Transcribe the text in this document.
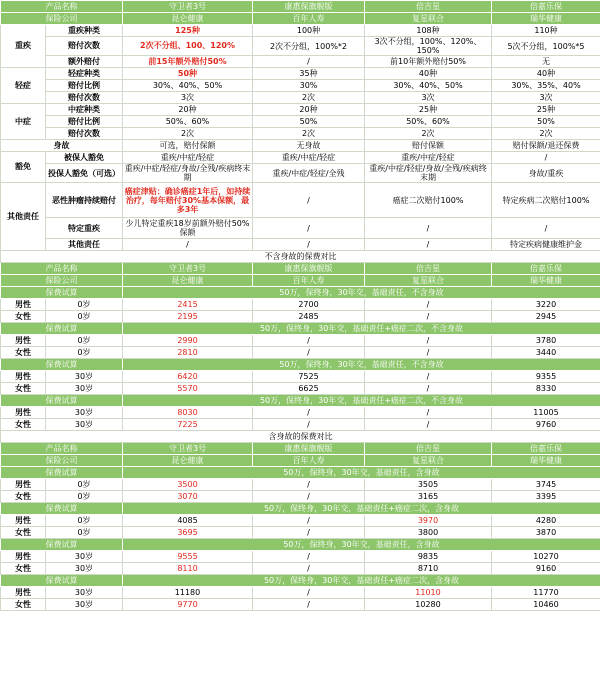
产品名称		守卫者3号	康惠保旗舰版	倍吉星	倍嘉乐保
保险公司		昆仑健康	百年人寿	复星联合	瑞华健康
重疾	重疾种类	125种	100种	108种	110种
	赔付次数	2次不分组、100、120%	2次不分组，100%*2	3次不分组，100%、120%、150%	5次不分组，100%*5
	额外赔付	前15年额外赔付50%	/	前10年额外赔付50%	无
轻症	轻症种类	50种	35种	40种	40种
	赔付比例	30%、40%、50%	30%	30%、40%、50%	30%、35%、40%
	赔付次数	3次	2次	3次	3次
中症	中症种类	20种	20种	25种	25种
	赔付比例	50%、60%	50%	50%、60%	50%
	赔付次数	2次	2次	2次	2次
身故		可选，赔付保额	无身故	赔付保额	赔付保额/退还保费
豁免	被保人豁免	重疾/中症/轻症	重疾/中症/轻症	重疾/中症/轻症	/
	投保人豁免（可选）	重疾/中症/轻症/身故/全残/疾病终末期	重疾/中症/轻症/全残	重疾/中症/轻症/身故/全残/疾病终末期	身故/重疾
其他责任	恶性肿瘤持续赔付	癌症津贴：确诊癌症1年后，如持续治疗，每年赔付30%基本保额，最多3年	/	癌症二次赔付100%	特定疾病二次赔付100%
	特定重疾	少儿特定重疾18岁前额外赔付50%保额	/	/	/
	其他责任	/	/	/	特定疾病健康维护金
不含身故的保费对比					
产品名称		守卫者3号	康惠保旗舰版	倍吉星	倍嘉乐保
保险公司		昆仑健康	百年人寿	复星联合	瑞华健康
保费试算		50万，保终身，30年交，基础责任，不含身故			
男性	0岁	2415	2700	/	3220
女性	0岁	2195	2485	/	2945
保费试算		50万，保终身，30年交，基础责任+癌症二次，不含身故			
男性	0岁	2990	/	/	3780
女性	0岁	2810	/	/	3440
保费试算		50万，保终身，30年交，基础责任，不含身故			
男性	30岁	6420	7525	/	9355
女性	30岁	5570	6625	/	8330
保费试算		50万，保终身，30年交，基础责任+癌症二次，不含身故			
男性	30岁	8030	/	/	11005
女性	30岁	7225	/	/	9760
含身故的保费对比					
产品名称		守卫者3号	康惠保旗舰版	倍吉星	倍嘉乐保
保险公司		昆仑健康	百年人寿	复星联合	瑞华健康
保费试算		50万，保终身，30年交，基础责任，含身故			
男性	0岁	3500	/	3505	3745
女性	0岁	3070	/	3165	3395
保费试算		50万，保终身，30年交，基础责任+癌症二次，含身故			
男性	0岁	4085	/	3970	4280
女性	0岁	3695	/	3800	3870
保费试算		50万，保终身，30年交，基础责任，含身故			
男性	30岁	9555	/	9835	10270
女性	30岁	8110	/	8710	9160
保费试算		50万，保终身，30年交，基础责任+癌症二次，含身故			
男性	30岁	11180	/	11010	11770
女性	30岁	9770	/	10280	10460
